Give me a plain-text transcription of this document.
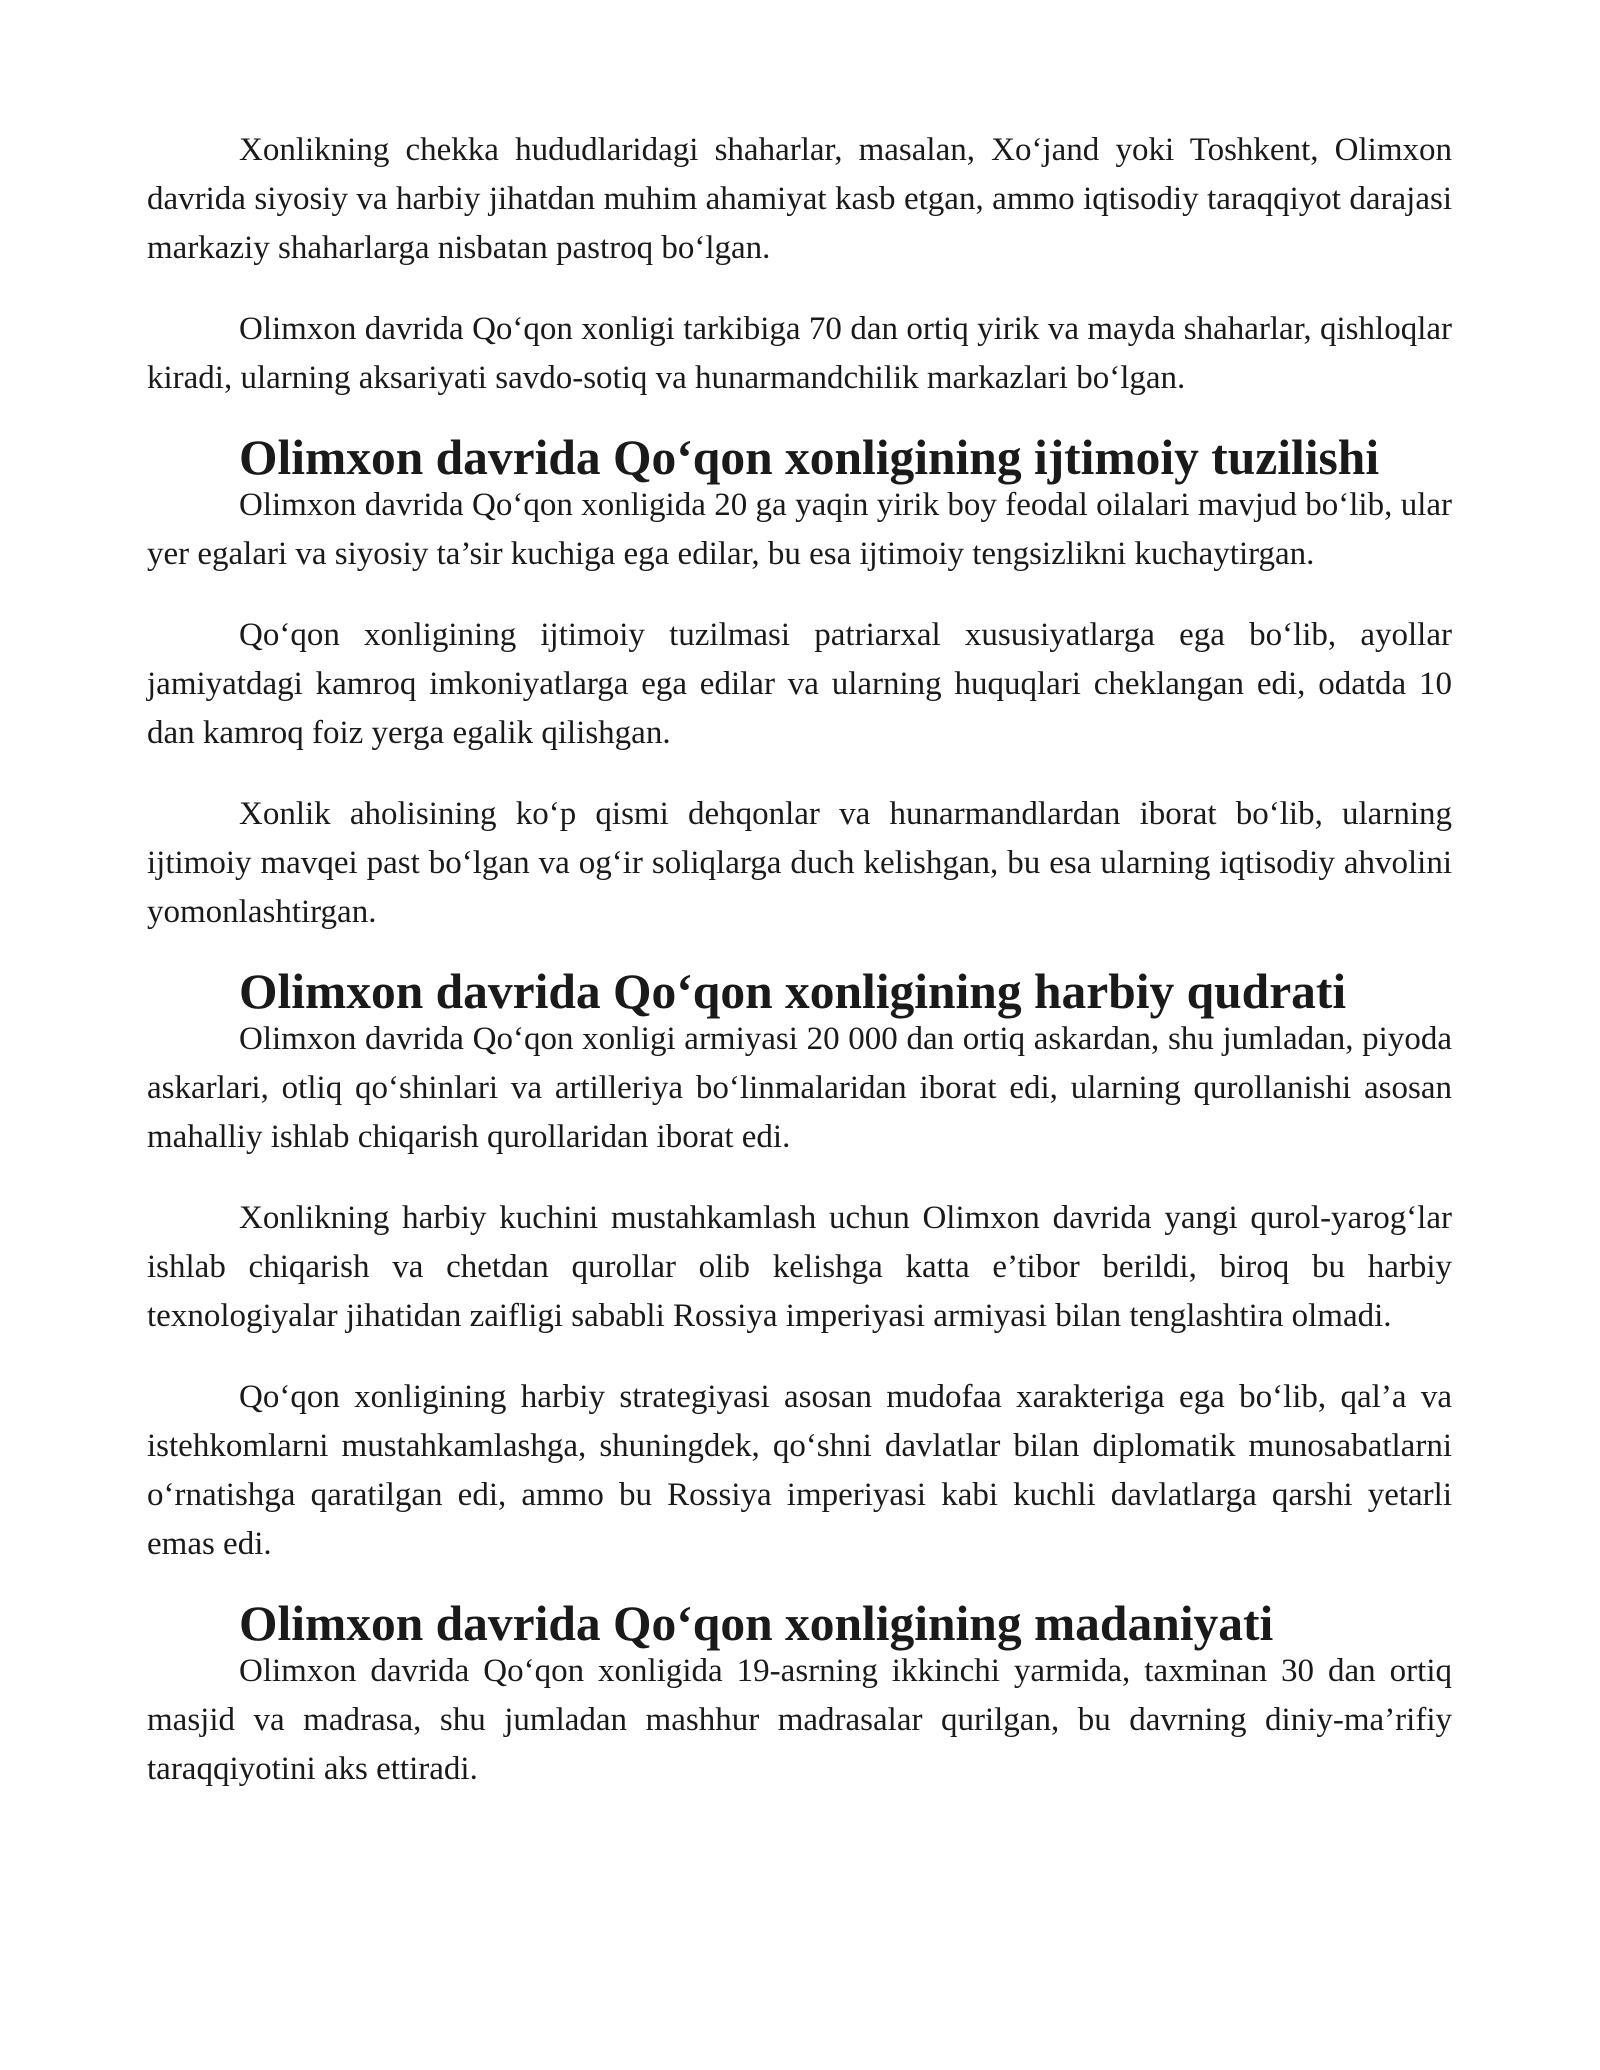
Xonlikning chekka hududlaridagi shaharlar, masalan, Xo‘jand yoki Toshkent, Olimxon davrida siyosiy va harbiy jihatdan muhim ahamiyat kasb etgan, ammo iqtisodiy taraqqiyot darajasi markaziy shaharlarga nisbatan pastroq bo‘lgan.

Olimxon davrida Qo‘qon xonligi tarkibiga 70 dan ortiq yirik va mayda shaharlar, qishloqlar kiradi, ularning aksariyati savdo-sotiq va hunarmandchilik markazlari bo‘lgan.

Olimxon davrida Qo‘qon xonligining ijtimoiy tuzilishi

Olimxon davrida Qo‘qon xonligida 20 ga yaqin yirik boy feodal oilalari mavjud bo‘lib, ular yer egalari va siyosiy ta’sir kuchiga ega edilar, bu esa ijtimoiy tengsizlikni kuchaytirgan.

Qo‘qon xonligining ijtimoiy tuzilmasi patriarxal xususiyatlarga ega bo‘lib, ayollar jamiyatdagi kamroq imkoniyatlarga ega edilar va ularning huquqlari cheklangan edi, odatda 10 dan kamroq foiz yerga egalik qilishgan.

Xonlik aholisining ko‘p qismi dehqonlar va hunarmandlardan iborat bo‘lib, ularning ijtimoiy mavqei past bo‘lgan va og‘ir soliqlarga duch kelishgan, bu esa ularning iqtisodiy ahvolini yomonlashtirgan.

Olimxon davrida Qo‘qon xonligining harbiy qudrati

Olimxon davrida Qo‘qon xonligi armiyasi 20 000 dan ortiq askardan, shu jumladan, piyoda askarlari, otliq qo‘shinlari va artilleriya bo‘linmalaridan iborat edi, ularning qurollanishi asosan mahalliy ishlab chiqarish qurollaridan iborat edi.

Xonlikning harbiy kuchini mustahkamlash uchun Olimxon davrida yangi qurol-yarog‘lar ishlab chiqarish va chetdan qurollar olib kelishga katta e’tibor berildi, biroq bu harbiy texnologiyalar jihatidan zaifligi sababli Rossiya imperiyasi armiyasi bilan tenglashtira olmadi.

Qo‘qon xonligining harbiy strategiyasi asosan mudofaa xarakteriga ega bo‘lib, qal’a va istehkomlarni mustahkamlashga, shuningdek, qo‘shni davlatlar bilan diplomatik munosabatlarni o‘rnatishga qaratilgan edi, ammo bu Rossiya imperiyasi kabi kuchli davlatlarga qarshi yetarli emas edi.

Olimxon davrida Qo‘qon xonligining madaniyati

Olimxon davrida Qo‘qon xonligida 19-asrning ikkinchi yarmida, taxminan 30 dan ortiq masjid va madrasa, shu jumladan mashhur madrasalar qurilgan, bu davrning diniy-ma’rifiy taraqqiyotini aks ettiradi.
